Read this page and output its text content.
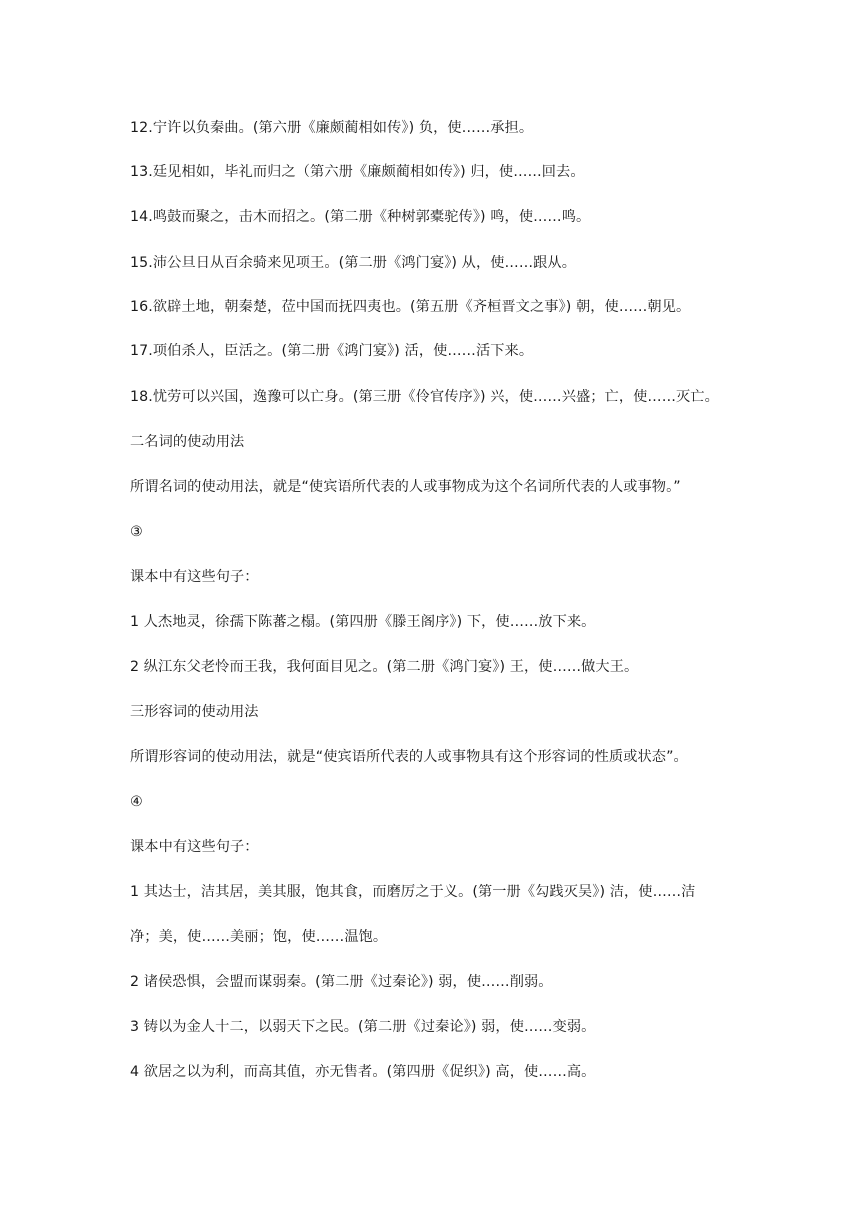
12.宁许以负秦曲。(第六册《廉颇蔺相如传》) 负，使……承担。
13.廷见相如，毕礼而归之（第六册《廉颇蔺相如传》) 归，使……回去。
14.鸣鼓而聚之，击木而招之。(第二册《种树郭橐驼传》) 鸣，使……鸣。
15.沛公旦日从百余骑来见项王。(第二册《鸿门宴》) 从，使……跟从。
16.欲辟土地，朝秦楚，莅中国而抚四夷也。(第五册《齐桓晋文之事》) 朝，使……朝见。
17.项伯杀人，臣活之。(第二册《鸿门宴》) 活，使……活下来。
18.忧劳可以兴国，逸豫可以亡身。(第三册《伶官传序》) 兴，使……兴盛；亡，使……灭亡。
二名词的使动用法
所谓名词的使动用法，就是“使宾语所代表的人或事物成为这个名词所代表的人或事物。”
③
课本中有这些句子：
1 人杰地灵，徐孺下陈蕃之榻。(第四册《滕王阁序》) 下，使……放下来。
2 纵江东父老怜而王我，我何面目见之。(第二册《鸿门宴》) 王，使……做大王。
三形容词的使动用法
所谓形容词的使动用法，就是“使宾语所代表的人或事物具有这个形容词的性质或状态”。
④
课本中有这些句子：
1 其达士，洁其居，美其服，饱其食，而磨厉之于义。(第一册《勾践灭吴》) 洁，使……洁
净；美，使……美丽；饱，使……温饱。
2 诸侯恐惧，会盟而谋弱秦。(第二册《过秦论》) 弱，使……削弱。
3 铸以为金人十二，以弱天下之民。(第二册《过秦论》) 弱，使……变弱。
4 欲居之以为利，而高其值，亦无售者。(第四册《促织》) 高，使……高。
